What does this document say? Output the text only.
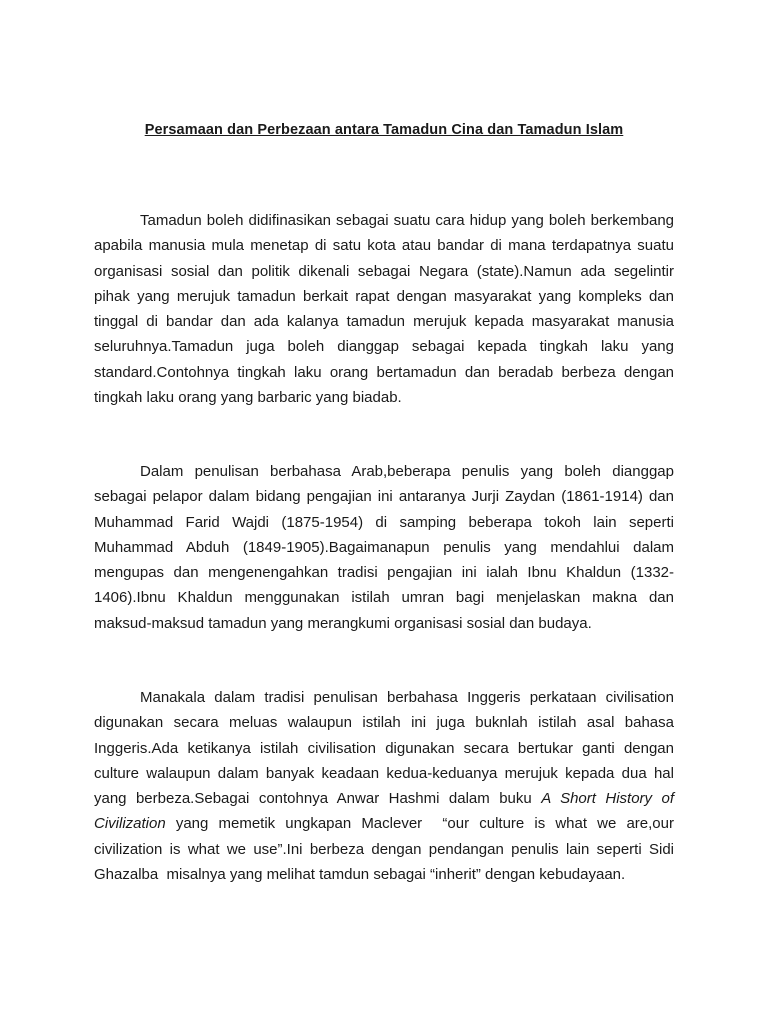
Persamaan dan Perbezaan antara Tamadun Cina dan Tamadun Islam

Tamadun boleh didifinasikan sebagai suatu cara hidup yang boleh berkembang apabila manusia mula menetap di satu kota atau bandar di mana terdapatnya suatu organisasi sosial dan politik dikenali sebagai Negara (state).Namun ada segelintir pihak yang merujuk tamadun berkait rapat dengan masyarakat yang kompleks dan tinggal di bandar dan ada kalanya tamadun merujuk kepada masyarakat manusia seluruhnya.Tamadun juga boleh dianggap sebagai kepada tingkah laku yang standard.Contohnya tingkah laku orang bertamadun dan beradab berbeza dengan tingkah laku orang yang barbaric yang biadab.

Dalam penulisan berbahasa Arab,beberapa penulis yang boleh dianggap sebagai pelapor dalam bidang pengajian ini antaranya Jurji Zaydan (1861-1914) dan Muhammad Farid Wajdi (1875-1954) di samping beberapa tokoh lain seperti Muhammad Abduh (1849-1905).Bagaimanapun penulis yang mendahlui dalam mengupas dan mengenengahkan tradisi pengajian ini ialah Ibnu Khaldun (1332-1406).Ibnu Khaldun menggunakan istilah umran bagi menjelaskan makna dan maksud-maksud tamadun yang merangkumi organisasi sosial dan budaya.

Manakala dalam tradisi penulisan berbahasa Inggeris perkataan civilisation digunakan secara meluas walaupun istilah ini juga buknlah istilah asal bahasa Inggeris.Ada ketikanya istilah civilisation digunakan secara bertukar ganti dengan culture walaupun dalam banyak keadaan kedua-keduanya merujuk kepada dua hal yang berbeza.Sebagai contohnya Anwar Hashmi dalam buku A Short History of Civilization yang memetik ungkapan Maclever  “our culture is what we are,our civilization is what we use”.Ini berbeza dengan pendangan penulis lain seperti Sidi Ghazalba  misalnya yang melihat tamdun sebagai “inherit” dengan kebudayaan.
